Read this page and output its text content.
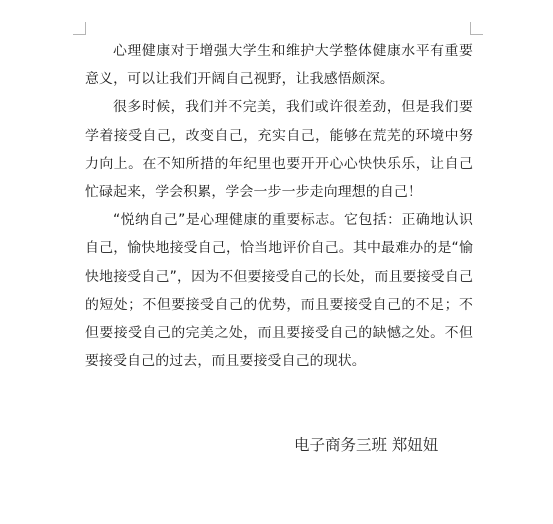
心理健康对于增强大学生和维护大学整体健康水平有重要意义，可以让我们开阔自己视野，让我感悟颇深。

很多时候，我们并不完美，我们或许很差劲，但是我们要学着接受自己，改变自己，充实自己，能够在荒芜的环境中努力向上。在不知所措的年纪里也要开开心心快快乐乐，让自己忙碌起来，学会积累，学会一步一步走向理想的自己！

“悦纳自己”是心理健康的重要标志。它包括：正确地认识自己，愉快地接受自己，恰当地评价自己。其中最难办的是“愉快地接受自己”，因为不但要接受自己的长处，而且要接受自己的短处；不但要接受自己的优势，而且要接受自己的不足；不但要接受自己的完美之处，而且要接受自己的缺憾之处。不但要接受自己的过去，而且要接受自己的现状。

电子商务三班 郑妞妞
